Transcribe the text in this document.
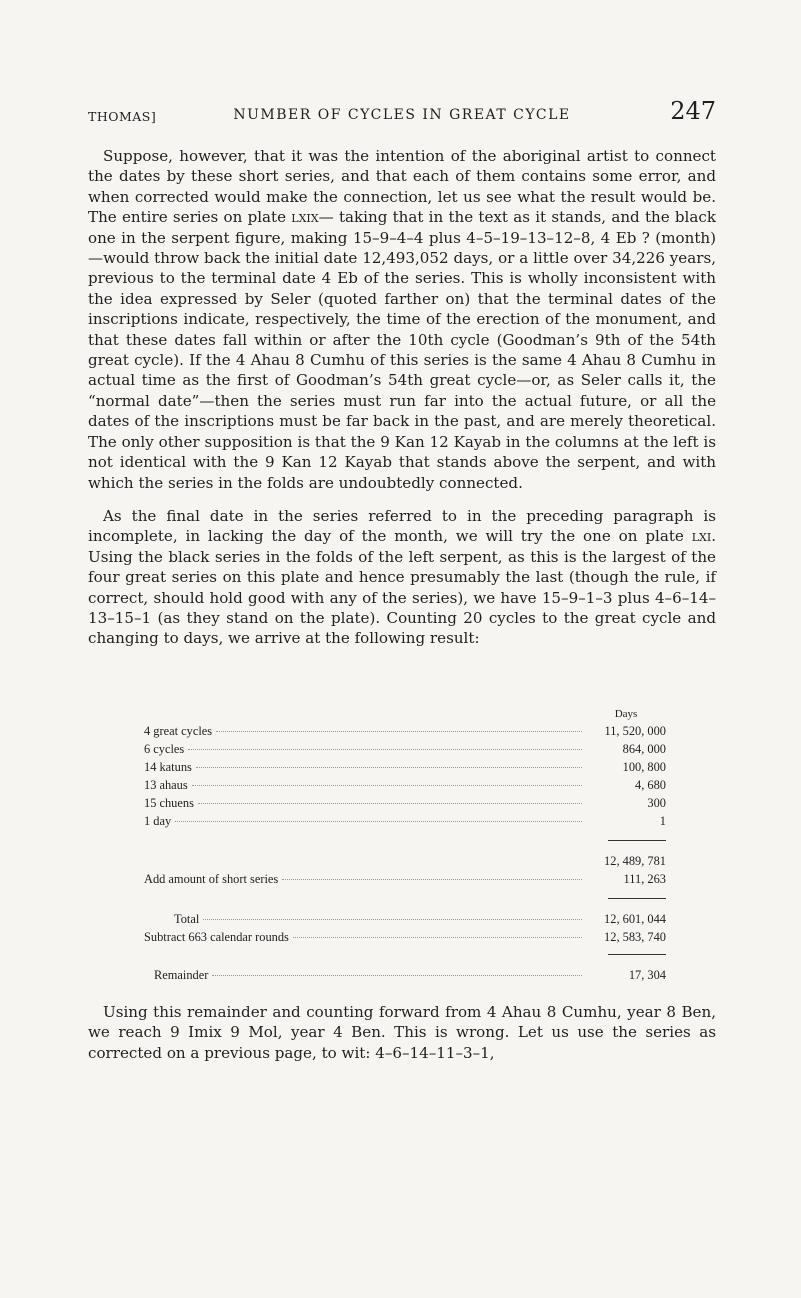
THOMAS]	NUMBER OF CYCLES IN GREAT CYCLE	247

Suppose, however, that it was the intention of the aboriginal artist to connect the dates by these short series, and that each of them contains some error, and when corrected would make the connection, let us see what the result would be. The entire series on plate lxix— taking that in the text as it stands, and the black one in the serpent figure, making 15–9–4–4 plus 4–5–19–13–12–8, 4 Eb ? (month)—would throw back the initial date 12,493,052 days, or a little over 34,226 years, previous to the terminal date 4 Eb of the series. This is wholly inconsistent with the idea expressed by Seler (quoted farther on) that the terminal dates of the inscriptions indicate, respectively, the time of the erection of the monument, and that these dates fall within or after the 10th cycle (Goodman’s 9th of the 54th great cycle). If the 4 Ahau 8 Cumhu of this series is the same 4 Ahau 8 Cumhu in actual time as the first of Goodman’s 54th great cycle—or, as Seler calls it, the “normal date”—then the series must run far into the actual future, or all the dates of the inscriptions must be far back in the past, and are merely theoretical. The only other supposition is that the 9 Kan 12 Kayab in the columns at the left is not identical with the 9 Kan 12 Kayab that stands above the serpent, and with which the series in the folds are undoubtedly connected.

As the final date in the series referred to in the preceding paragraph is incomplete, in lacking the day of the month, we will try the one on plate lxi. Using the black series in the folds of the left serpent, as this is the largest of the four great series on this plate and hence presumably the last (though the rule, if correct, should hold good with any of the series), we have 15–9–1–3 plus 4–6–14–13–15–1 (as they stand on the plate). Counting 20 cycles to the great cycle and changing to days, we arrive at the following result:

Days
4 great cycles	11, 520, 000
6 cycles	864, 000
14 katuns	100, 800
13 ahaus	4, 680
15 chuens	300
1 day	1
12, 489, 781
Add amount of short series	111, 263
Total	12, 601, 044
Subtract 663 calendar rounds	12, 583, 740
Remainder	17, 304

Using this remainder and counting forward from 4 Ahau 8 Cumhu, year 8 Ben, we reach 9 Imix 9 Mol, year 4 Ben. This is wrong. Let us use the series as corrected on a previous page, to wit: 4–6–14–11–3–1,
